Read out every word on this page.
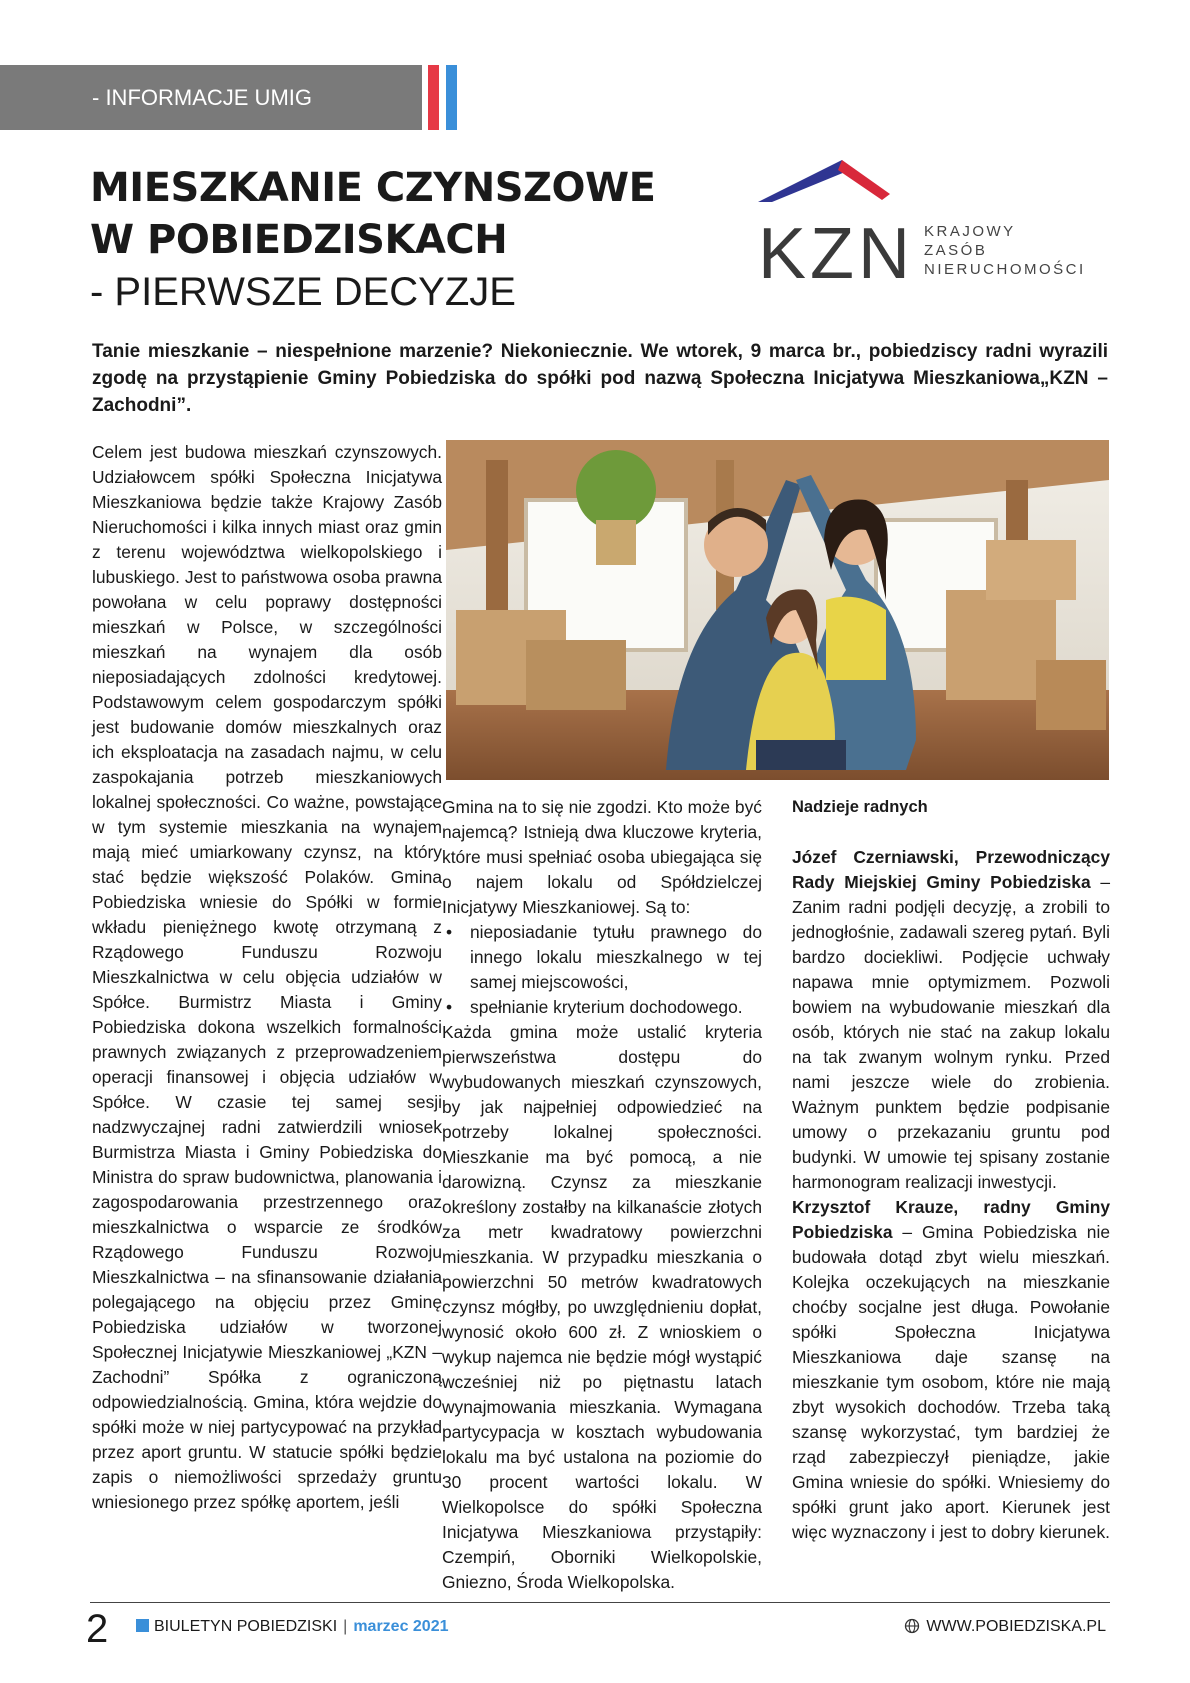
- INFORMACJE UMIG
MIESZKANIE CZYNSZOWE
W POBIEDZISKACH
- PIERWSZE DECYZJE	KZN KRAJOWY
ZASÓB
NIERUCHOMOŚCI
Tanie mieszkanie – niespełnione marzenie? Niekoniecznie. We wtorek, 9 marca br., pobiedziscy radni wyrazili zgodę na przystąpienie Gminy Pobiedziska do spółki pod nazwą Społeczna Inicjatywa Mieszkaniowa„KZN – Zachodni”.

Celem jest budowa mieszkań czynszowych. Udziałowcem spółki Społeczna Inicjatywa Mieszkaniowa będzie także Krajowy Zasób Nieruchomości i kilka innych miast oraz gmin z terenu województwa wielkopolskiego i lubuskiego. Jest to państwowa osoba prawna powołana w celu poprawy dostępności mieszkań w Polsce, w szczególności mieszkań na wynajem dla osób nieposiadających zdolności kredytowej. Podstawowym celem gospodarczym spółki jest budowanie domów mieszkalnych oraz ich eksploatacja na zasadach najmu, w celu zaspokajania potrzeb mieszkaniowych lokalnej społeczności. Co ważne, powstające w tym systemie mieszkania na wynajem mają mieć umiarkowany czynsz, na który stać będzie większość Polaków. Gmina Pobiedziska wniesie do Spółki w formie wkładu pieniężnego kwotę otrzymaną z Rządowego Funduszu Rozwoju Mieszkalnictwa w celu objęcia udziałów w Spółce. Burmistrz Miasta i Gminy Pobiedziska dokona wszelkich formalności prawnych związanych z przeprowadzeniem operacji finansowej i objęcia udziałów w Spółce. W czasie tej samej sesji nadzwyczajnej radni zatwierdzili wniosek Burmistrza Miasta i Gminy Pobiedziska do Ministra do spraw budownictwa, planowania i zagospodarowania przestrzennego oraz mieszkalnictwa o wsparcie ze środków Rządowego Funduszu Rozwoju Mieszkalnictwa – na sfinansowanie działania polegającego na objęciu przez Gminę Pobiedziska udziałów w tworzonej Społecznej Inicjatywie Mieszkaniowej „KZN – Zachodni” Spółka z ograniczoną odpowiedzialnością. Gmina, która wejdzie do spółki może w niej partycypować na przykład przez aport gruntu. W statucie spółki będzie zapis o niemożliwości sprzedaży gruntu wniesionego przez spółkę aportem, jeśli

Gmina na to się nie zgodzi. Kto może być najemcą? Istnieją dwa kluczowe kryteria, które musi spełniać osoba ubiegająca się o najem lokalu od Spółdzielczej Inicjatywy Mieszkaniowej. Są to:

• nieposiadanie tytułu prawnego do innego lokalu mieszkalnego w tej samej miejscowości,
• spełnianie kryterium dochodowego.

Każda gmina może ustalić kryteria pierwszeństwa dostępu do wybudowanych mieszkań czynszowych, by jak najpełniej odpowiedzieć na potrzeby lokalnej społeczności. Mieszkanie ma być pomocą, a nie darowizną. Czynsz za mieszkanie określony zostałby na kilkanaście złotych za metr kwadratowy powierzchni mieszkania. W przypadku mieszkania o powierzchni 50 metrów kwadratowych czynsz mógłby, po uwzględnieniu dopłat, wynosić około 600 zł. Z wnioskiem o wykup najemca nie będzie mógł wystąpić wcześniej niż po piętnastu latach wynajmowania mieszkania. Wymagana partycypacja w kosztach wybudowania lokalu ma być ustalona na poziomie do 30 procent wartości lokalu. W Wielkopolsce do spółki Społeczna Inicjatywa Mieszkaniowa przystąpiły: Czempiń, Oborniki Wielkopolskie, Gniezno, Środa Wielkopolska.

Nadzieje radnych

Józef Czerniawski, Przewodniczący Rady Miejskiej Gminy Pobiedziska – Zanim radni podjęli decyzję, a zrobili to jednogłośnie, zadawali szereg pytań. Byli bardzo dociekliwi. Podjęcie uchwały napawa mnie optymizmem. Pozwoli bowiem na wybudowanie mieszkań dla osób, których nie stać na zakup lokalu na tak zwanym wolnym rynku. Przed nami jeszcze wiele do zrobienia. Ważnym punktem będzie podpisanie umowy o przekazaniu gruntu pod budynki. W umowie tej spisany zostanie harmonogram realizacji inwestycji.

Krzysztof Krauze, radny Gminy Pobiedziska – Gmina Pobiedziska nie budowała dotąd zbyt wielu mieszkań. Kolejka oczekujących na mieszkanie choćby socjalne jest długa. Powołanie spółki Społeczna Inicjatywa Mieszkaniowa daje szansę na mieszkanie tym osobom, które nie mają zbyt wysokich dochodów. Trzeba taką szansę wykorzystać, tym bardziej że rząd zabezpieczył pieniądze, jakie Gmina wniesie do spółki. Wniesiemy do spółki grunt jako aport. Kierunek jest więc wyznaczony i jest to dobry kierunek.

2	BIULETYN POBIEDZISKI | marzec 2021	WWW.POBIEDZISKA.PL
